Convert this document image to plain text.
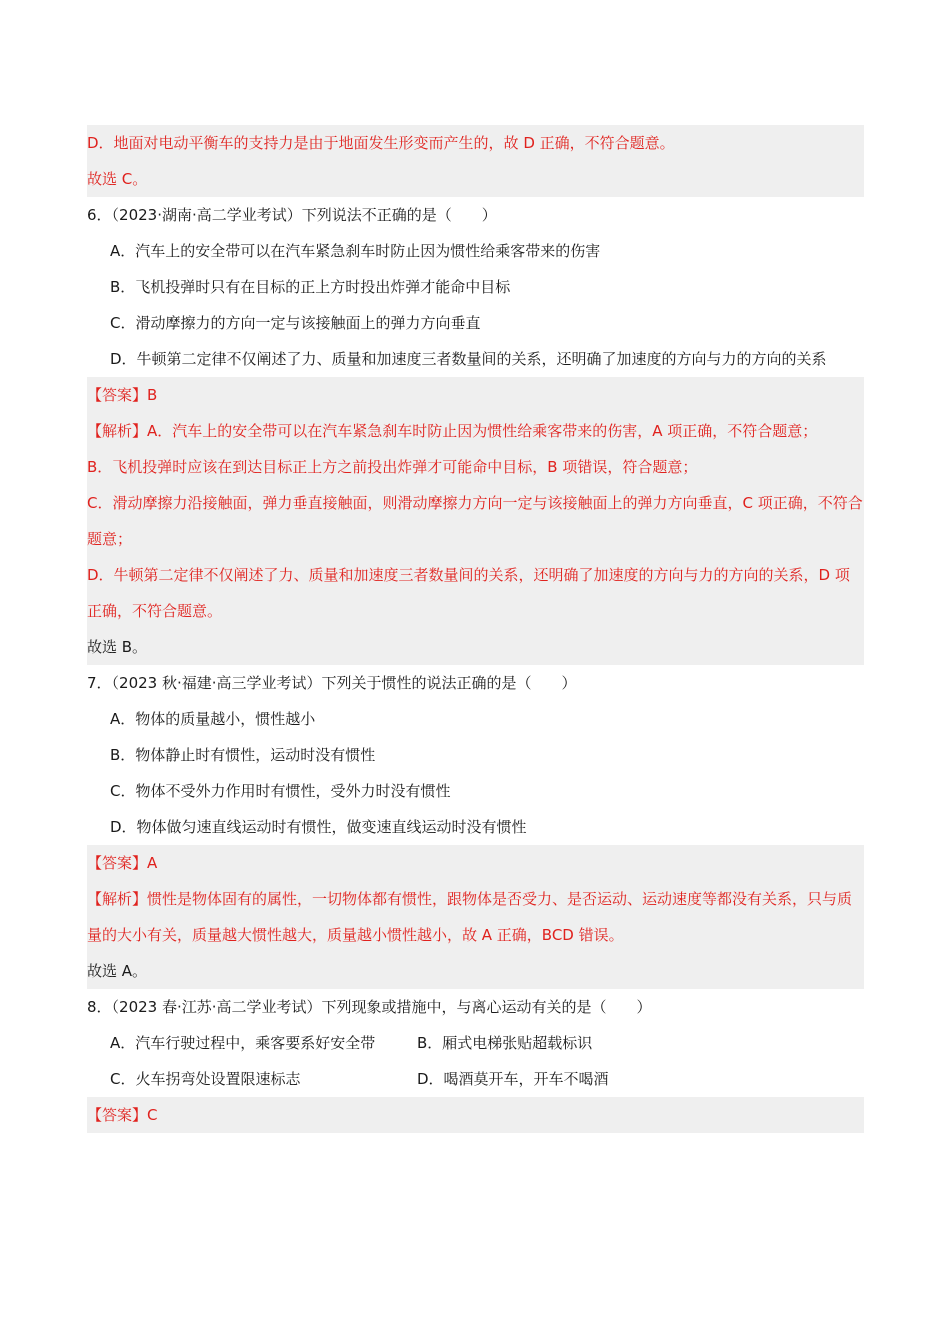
D．地面对电动平衡车的支持力是由于地面发生形变而产生的，故 D 正确，不符合题意。
故选 C。
6．（2023·湖南·高二学业考试）下列说法不正确的是（　　）
A．汽车上的安全带可以在汽车紧急刹车时防止因为惯性给乘客带来的伤害
B．飞机投弹时只有在目标的正上方时投出炸弹才能命中目标
C．滑动摩擦力的方向一定与该接触面上的弹力方向垂直
D．牛顿第二定律不仅阐述了力、质量和加速度三者数量间的关系，还明确了加速度的方向与力的方向的关系
【答案】B
【解析】A．汽车上的安全带可以在汽车紧急刹车时防止因为惯性给乘客带来的伤害，A 项正确，不符合题意；
B．飞机投弹时应该在到达目标正上方之前投出炸弹才可能命中目标，B 项错误，符合题意；
C．滑动摩擦力沿接触面，弹力垂直接触面，则滑动摩擦力方向一定与该接触面上的弹力方向垂直，C 项正确，不符合题意；
D．牛顿第二定律不仅阐述了力、质量和加速度三者数量间的关系，还明确了加速度的方向与力的方向的关系，D 项正确，不符合题意。
故选 B。
7．（2023 秋·福建·高三学业考试）下列关于惯性的说法正确的是（　　）
A．物体的质量越小，惯性越小
B．物体静止时有惯性，运动时没有惯性
C．物体不受外力作用时有惯性，受外力时没有惯性
D．物体做匀速直线运动时有惯性，做变速直线运动时没有惯性
【答案】A
【解析】惯性是物体固有的属性，一切物体都有惯性，跟物体是否受力、是否运动、运动速度等都没有关系，只与质量的大小有关，质量越大惯性越大，质量越小惯性越小，故 A 正确，BCD 错误。
故选 A。
8．（2023 春·江苏·高二学业考试）下列现象或措施中，与离心运动有关的是（　　）
A．汽车行驶过程中，乘客要系好安全带	B．厢式电梯张贴超载标识
C．火车拐弯处设置限速标志	D．喝酒莫开车，开车不喝酒
【答案】C
